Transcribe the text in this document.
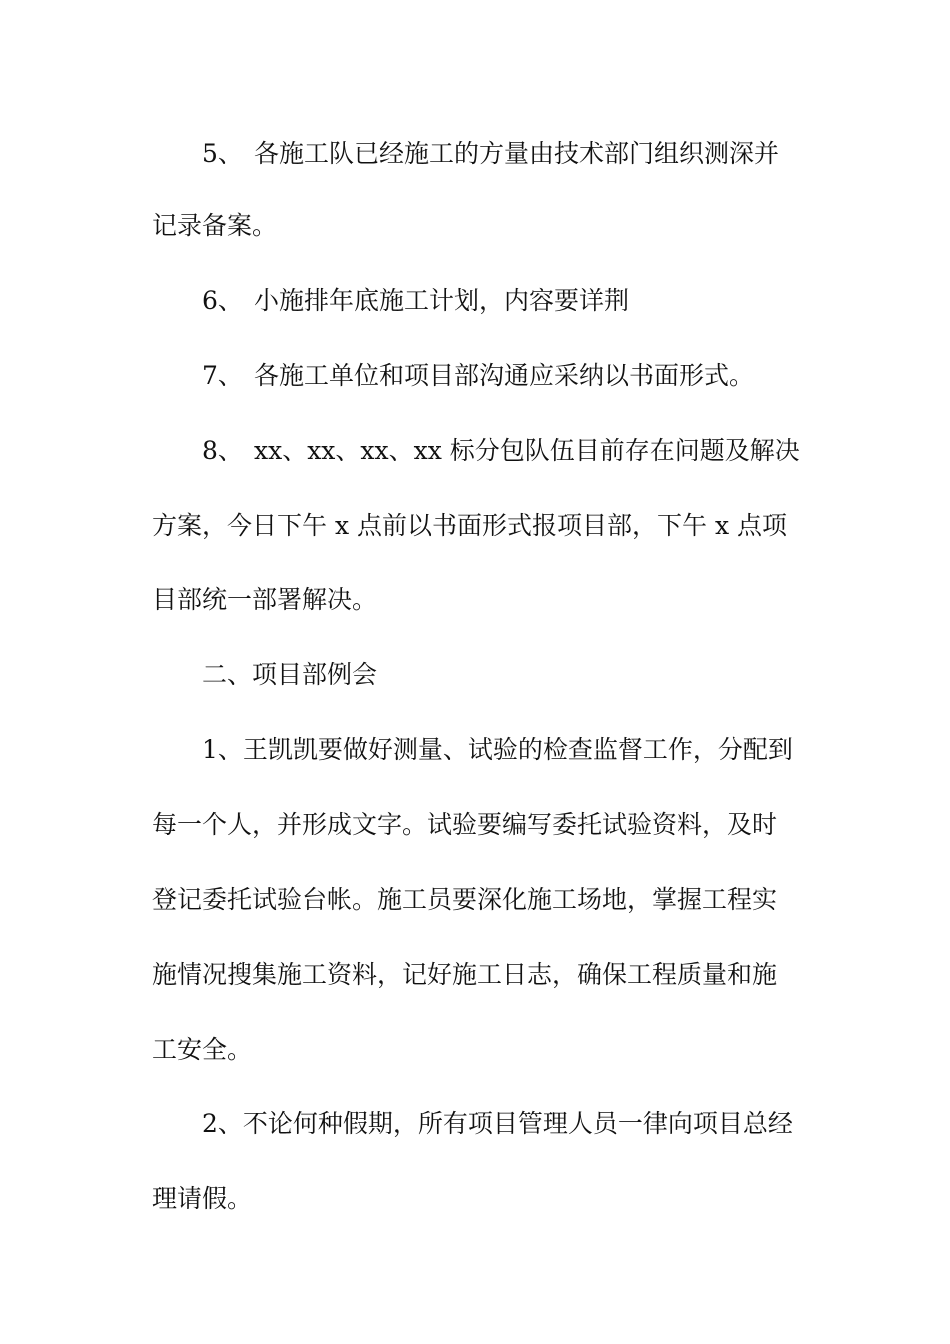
5、 各施工队已经施工的方量由技术部门组织测深并
记录备案。
6、 小施排年底施工计划，内容要详荆
7、 各施工单位和项目部沟通应采纳以书面形式。
8、 xx、xx、xx、xx 标分包队伍目前存在问题及解决
方案，今日下午 x 点前以书面形式报项目部，下午 x 点项
目部统一部署解决。
二、项目部例会
1、王凯凯要做好测量、试验的检查监督工作，分配到
每一个人，并形成文字。试验要编写委托试验资料，及时
登记委托试验台帐。施工员要深化施工场地，掌握工程实
施情况搜集施工资料，记好施工日志，确保工程质量和施
工安全。
2、不论何种假期，所有项目管理人员一律向项目总经
理请假。
